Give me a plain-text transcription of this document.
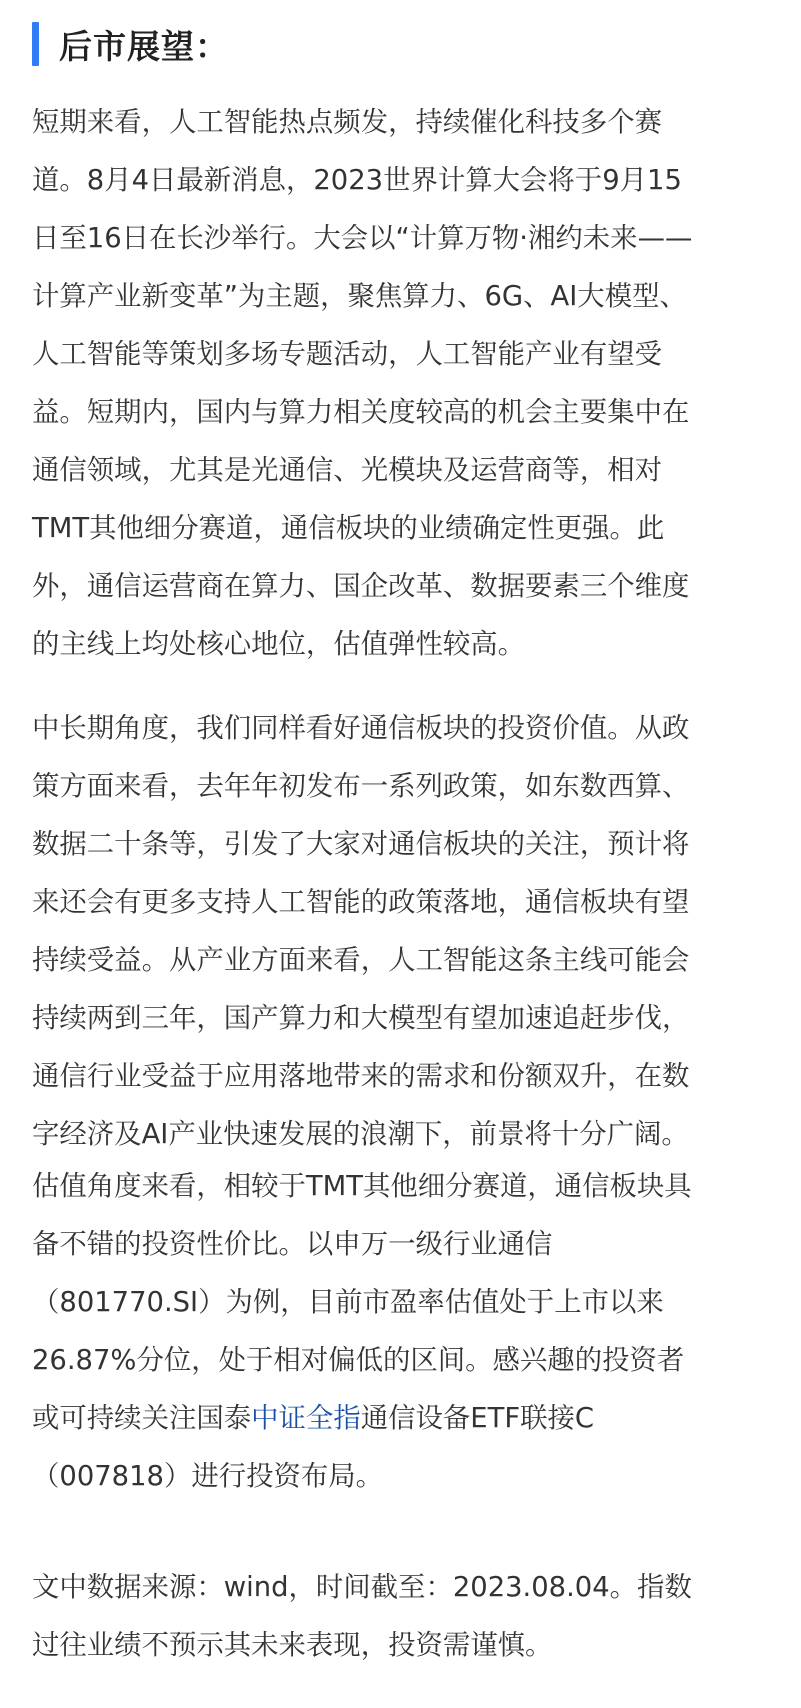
后市展望：

短期来看，人工智能热点频发，持续催化科技多个赛
道。8月4日最新消息，2023世界计算大会将于9月15
日至16日在长沙举行。大会以“计算万物·湘约未来——
计算产业新变革”为主题，聚焦算力、6G、AI大模型、
人工智能等策划多场专题活动，人工智能产业有望受
益。短期内，国内与算力相关度较高的机会主要集中在
通信领域，尤其是光通信、光模块及运营商等，相对
TMT其他细分赛道，通信板块的业绩确定性更强。此
外，通信运营商在算力、国企改革、数据要素三个维度
的主线上均处核心地位，估值弹性较高。

中长期角度，我们同样看好通信板块的投资价值。从政
策方面来看，去年年初发布一系列政策，如东数西算、
数据二十条等，引发了大家对通信板块的关注，预计将
来还会有更多支持人工智能的政策落地，通信板块有望
持续受益。从产业方面来看，人工智能这条主线可能会
持续两到三年，国产算力和大模型有望加速追赶步伐，
通信行业受益于应用落地带来的需求和份额双升，在数
字经济及AI产业快速发展的浪潮下，前景将十分广阔。

估值角度来看，相较于TMT其他细分赛道，通信板块具
备不错的投资性价比。以申万一级行业通信
（801770.SI）为例，目前市盈率估值处于上市以来
26.87%分位，处于相对偏低的区间。感兴趣的投资者
或可持续关注国泰中证全指通信设备ETF联接C
（007818）进行投资布局。

文中数据来源：wind，时间截至：2023.08.04。指数
过往业绩不预示其未来表现，投资需谨慎。
